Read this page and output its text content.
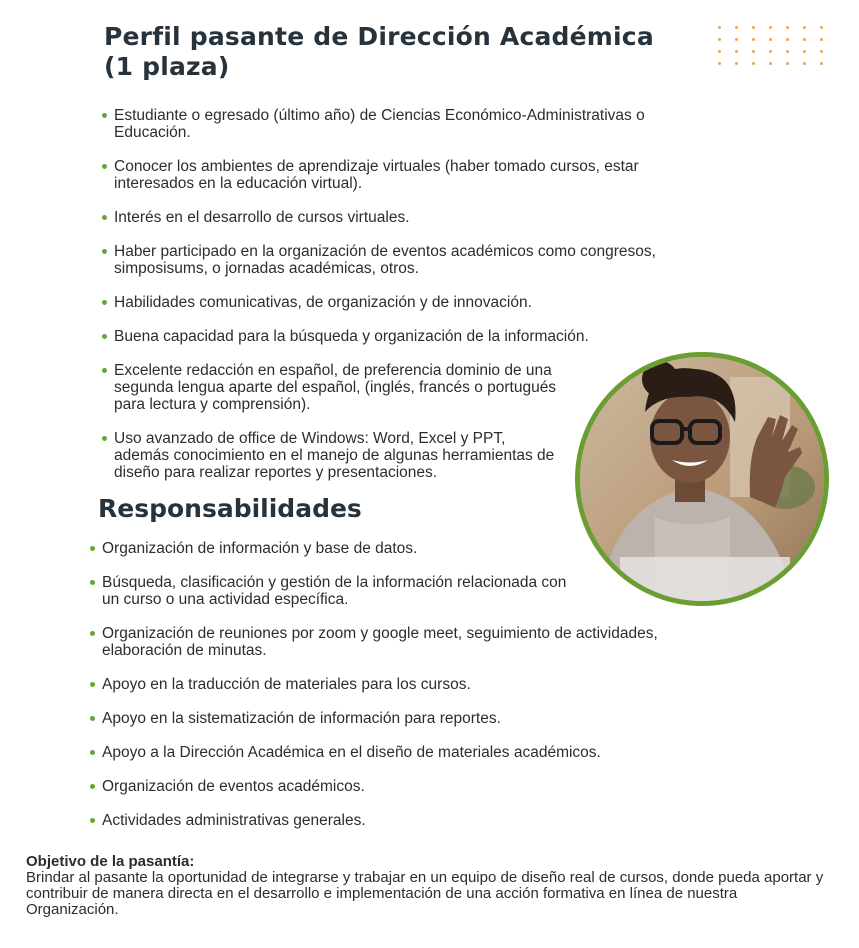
Perfil pasante de Dirección Académica
(1 plaza)
Estudiante o egresado (último año) de Ciencias Económico-Administrativas o Educación.
Conocer los ambientes de aprendizaje virtuales (haber tomado cursos, estar interesados en la educación virtual).
Interés en el desarrollo de cursos virtuales.
Haber participado en la organización de eventos académicos como congresos, simposisums, o jornadas académicas, otros.
Habilidades comunicativas, de organización y de innovación.
Buena capacidad para la búsqueda y organización de la información.
Excelente redacción en español, de preferencia dominio de una segunda lengua aparte del español, (inglés, francés o portugués para lectura y comprensión).
Uso avanzado de office de Windows: Word, Excel y PPT, además conocimiento en el manejo de algunas herramientas de diseño para realizar reportes y presentaciones.
Responsabilidades
Organización de información y base de datos.
Búsqueda, clasificación y gestión de la información relacionada con un curso o una actividad específica.
Organización de reuniones por zoom y google meet, seguimiento de actividades, elaboración de minutas.
Apoyo en la traducción de materiales para los cursos.
Apoyo en la sistematización de información para reportes.
Apoyo a la Dirección Académica en el diseño de materiales académicos.
Organización de eventos académicos.
Actividades administrativas generales.
Objetivo de la pasantía:
Brindar al pasante la oportunidad de integrarse y trabajar en un equipo de diseño real de cursos, donde pueda aportar y contribuir de manera directa en el desarrollo e implementación de una acción formativa en línea de nuestra Organización.
